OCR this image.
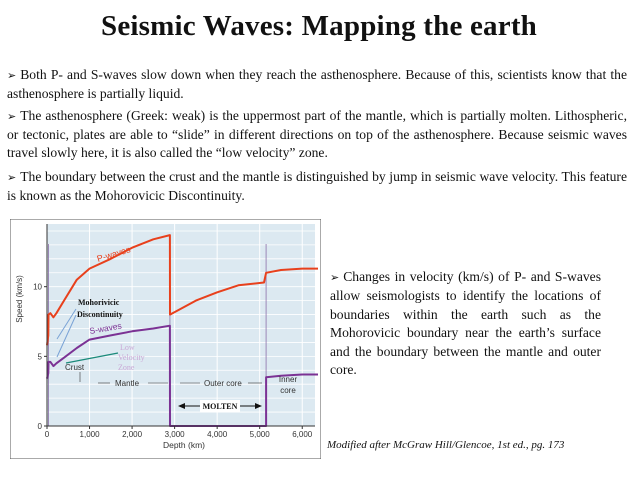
Seismic Waves: Mapping the earth
➢ Both P- and S-waves slow down when they reach the asthenosphere. Because of this, scientists know that the asthenosphere is partially liquid.
➢ The asthenosphere (Greek: weak) is the uppermost part of the mantle, which is partially molten. Lithospheric, or tectonic, plates are able to “slide” in different directions on top of the asthenosphere. Because seismic waves travel slowly here, it is also called the “low velocity” zone.
➢ The boundary between the crust and the mantle is distinguished by jump in seismic wave velocity. This feature is known as the Mohorovicic Discontinuity.
0	1,000	2,000	3,000	4,000	5,000	6,000
0
5
10
Speed (km/s)
Depth (km)
P-waves
S-waves
Crust
Mantle	Outer core	Inner
core
Mohorivicic
Discontinuity
Low
Velocity
Zone
MOLTEN
➢ Changes in velocity (km/s) of P- and S-waves allow seismologists to identify the locations of boundaries within the earth such as the Mohorovicic boundary near the earth’s surface and the boundary between the mantle and outer core.
Modified after McGraw Hill/Glencoe, 1st ed., pg. 173
